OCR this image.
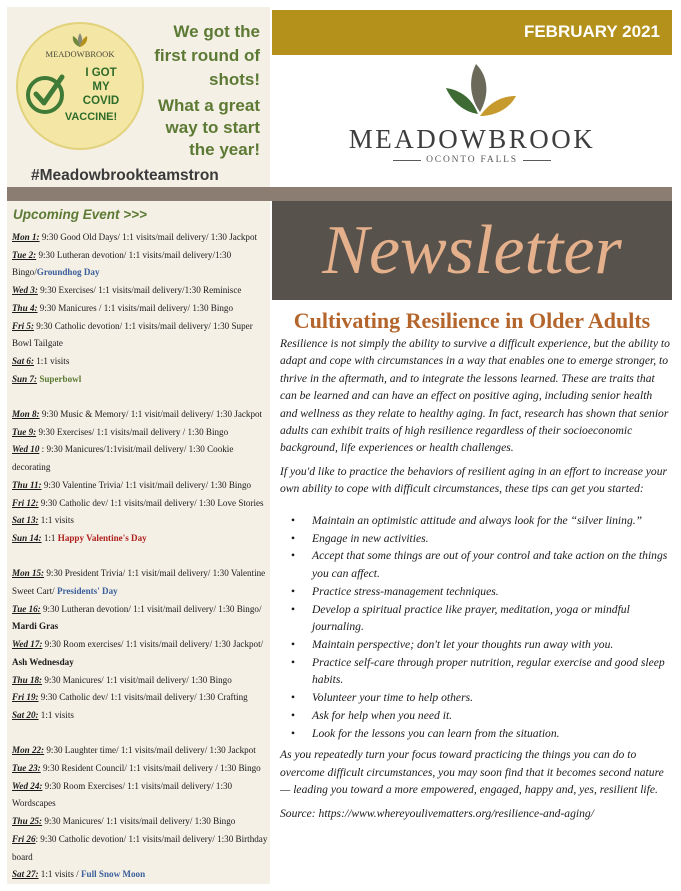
MEADOWBROOK
I GOT
MY
COVID
VACCINE!
We got the
first round of
shots!
What a great
way to start
the year!
#Meadowbrookteamstron
FEBRUARY 2021
MEADOWBROOK
OCONTO FALLS
Upcoming Event >>>
Mon 1: 9:30 Good Old Days/ 1:1 visits/mail delivery/ 1:30 Jackpot
Tue 2: 9:30 Lutheran devotion/ 1:1 visits/mail delivery/1:30 Bingo/Groundhog Day
Wed 3: 9:30 Exercises/ 1:1 visits/mail delivery/1:30 Reminisce
Thu 4: 9:30 Manicures / 1:1 visits/mail delivery/ 1:30 Bingo
Fri 5: 9:30 Catholic devotion/ 1:1 visits/mail delivery/ 1:30 Super Bowl Tailgate
Sat 6: 1:1 visits
Sun 7: Superbowl
Mon 8: 9:30 Music & Memory/ 1:1 visit/mail delivery/ 1:30 Jackpot
Tue 9: 9:30 Exercises/ 1:1 visits/mail delivery / 1:30 Bingo
Wed 10 : 9:30 Manicures/1:1visit/mail delivery/ 1:30 Cookie decorating
Thu 11: 9:30 Valentine Trivia/ 1:1 visit/mail delivery/ 1:30 Bingo
Fri 12: 9:30 Catholic dev/ 1:1 visits/mail delivery/ 1:30 Love Stories
Sat 13: 1:1 visits
Sun 14: 1:1 Happy Valentine's Day
Mon 15: 9:30 President Trivia/ 1:1 visit/mail delivery/ 1:30 Valentine Sweet Cart/ Presidents' Day
Tue 16: 9:30 Lutheran devotion/ 1:1 visit/mail delivery/ 1:30 Bingo/ Mardi Gras
Wed 17: 9:30 Room exercises/ 1:1 visits/mail delivery/ 1:30 Jackpot/ Ash Wednesday
Thu 18: 9:30 Manicures/ 1:1 visit/mail delivery/ 1:30 Bingo
Fri 19: 9:30 Catholic dev/ 1:1 visits/mail delivery/ 1:30 Crafting
Sat 20: 1:1 visits
Mon 22: 9:30 Laughter time/ 1:1 visits/mail delivery/ 1:30 Jackpot
Tue 23: 9:30 Resident Council/ 1:1 visits/mail delivery / 1:30 Bingo
Wed 24: 9:30 Room Exercises/ 1:1 visits/mail delivery/ 1:30 Wordscapes
Thu 25: 9:30 Manicures/ 1:1 visits/mail delivery/ 1:30 Bingo
Fri 26: 9:30 Catholic devotion/ 1:1 visits/mail delivery/ 1:30 Birthday board
Sat 27: 1:1 visits / Full Snow Moon
Newsletter
Cultivating Resilience in Older Adults

Resilience is not simply the ability to survive a difficult experience, but the ability to adapt and cope with circumstances in a way that enables one to emerge stronger, to thrive in the aftermath, and to integrate the lessons learned. These are traits that can be learned and can have an effect on positive aging, including senior health and wellness as they relate to healthy aging. In fact, research has shown that senior adults can exhibit traits of high resilience regardless of their socioeconomic background, life experiences or health challenges.

If you'd like to practice the behaviors of resilient aging in an effort to increase your own ability to cope with difficult circumstances, these tips can get you started:

• Maintain an optimistic attitude and always look for the “silver lining.”
• Engage in new activities.
• Accept that some things are out of your control and take action on the things you can affect.
• Practice stress-management techniques.
• Develop a spiritual practice like prayer, meditation, yoga or mindful journaling.
• Maintain perspective; don't let your thoughts run away with you.
• Practice self-care through proper nutrition, regular exercise and good sleep habits.
• Volunteer your time to help others.
• Ask for help when you need it.
• Look for the lessons you can learn from the situation.

As you repeatedly turn your focus toward practicing the things you can do to overcome difficult circumstances, you may soon find that it becomes second nature — leading you toward a more empowered, engaged, happy and, yes, resilient life.

Source: https://www.whereyoulivematters.org/resilience-and-aging/
